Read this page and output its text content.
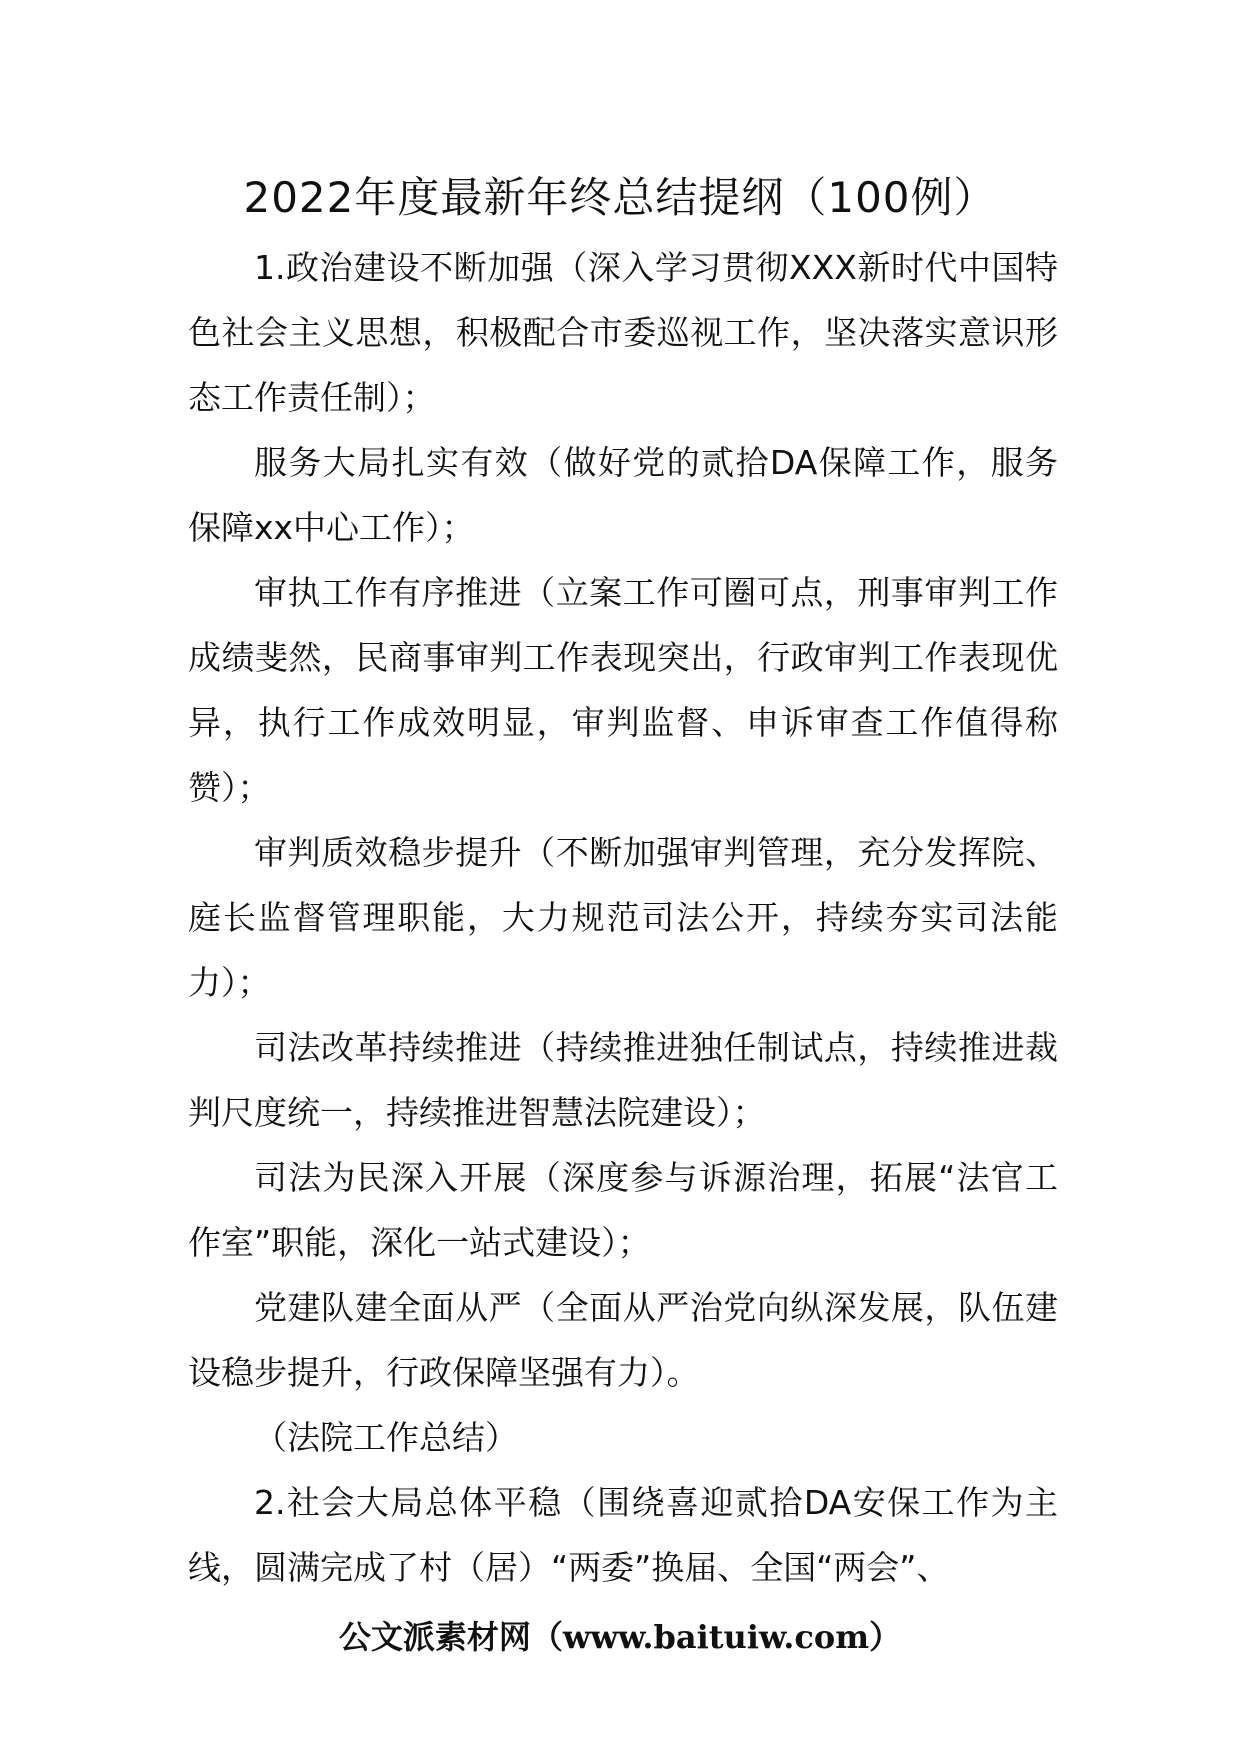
2022年度最新年终总结提纲（100例）

1.政治建设不断加强（深入学习贯彻XXX新时代中国特色社会主义思想，积极配合市委巡视工作，坚决落实意识形态工作责任制）；

服务大局扎实有效（做好党的贰拾DA保障工作，服务保障xx中心工作）；

审执工作有序推进（立案工作可圈可点，刑事审判工作成绩斐然，民商事审判工作表现突出，行政审判工作表现优异，执行工作成效明显，审判监督、申诉审查工作值得称赞）；

审判质效稳步提升（不断加强审判管理，充分发挥院、庭长监督管理职能，大力规范司法公开，持续夯实司法能力）；

司法改革持续推进（持续推进独任制试点，持续推进裁判尺度统一，持续推进智慧法院建设）；

司法为民深入开展（深度参与诉源治理，拓展“法官工作室”职能，深化一站式建设）；

党建队建全面从严（全面从严治党向纵深发展，队伍建设稳步提升，行政保障坚强有力）。

（法院工作总结）

2.社会大局总体平稳（围绕喜迎贰拾DA安保工作为主线，圆满完成了村（居）“两委”换届、全国“两会”、

公文派素材网（www.baituiw.com）
